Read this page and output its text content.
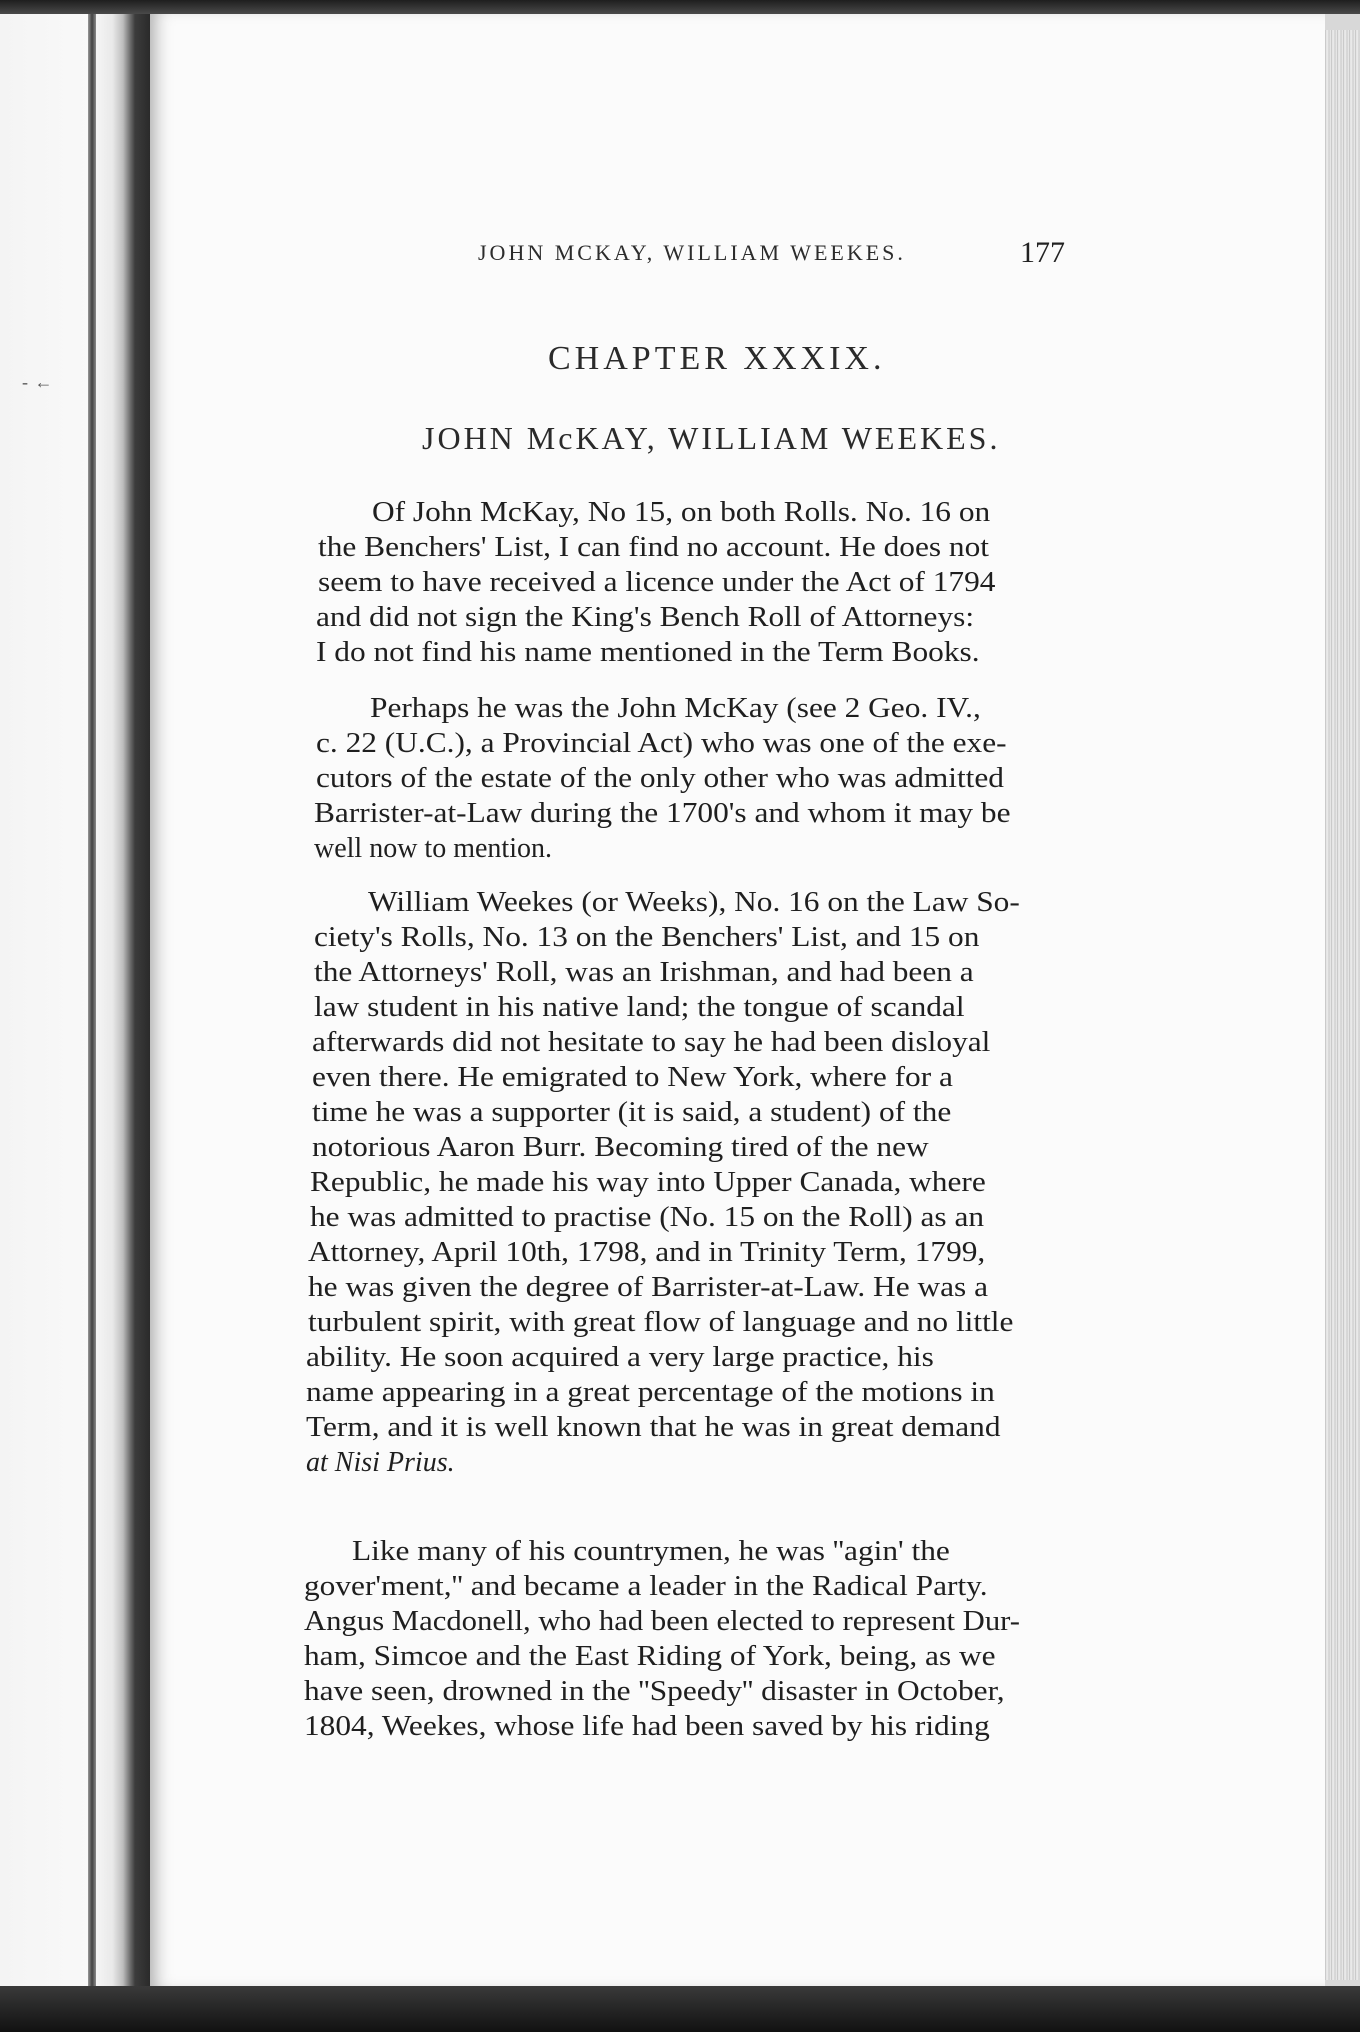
- ←
JOHN MCKAY, WILLIAM WEEKES.	177
CHAPTER XXXIX.
JOHN McKAY, WILLIAM WEEKES.
Of John McKay, No 15, on both Rolls. No. 16 on
the Benchers' List, I can find no account. He does not
seem to have received a licence under the Act of 1794
and did not sign the King's Bench Roll of Attorneys:
I do not find his name mentioned in the Term Books.
Perhaps he was the John McKay (see 2 Geo. IV.,
c. 22 (U.C.), a Provincial Act) who was one of the exe-
cutors of the estate of the only other who was admitted
Barrister-at-Law during the 1700's and whom it may be
well now to mention.
William Weekes (or Weeks), No. 16 on the Law So-
ciety's Rolls, No. 13 on the Benchers' List, and 15 on
the Attorneys' Roll, was an Irishman, and had been a
law student in his native land; the tongue of scandal
afterwards did not hesitate to say he had been disloyal
even there. He emigrated to New York, where for a
time he was a supporter (it is said, a student) of the
notorious Aaron Burr. Becoming tired of the new
Republic, he made his way into Upper Canada, where
he was admitted to practise (No. 15 on the Roll) as an
Attorney, April 10th, 1798, and in Trinity Term, 1799,
he was given the degree of Barrister-at-Law. He was a
turbulent spirit, with great flow of language and no little
ability. He soon acquired a very large practice, his
name appearing in a great percentage of the motions in
Term, and it is well known that he was in great demand
at Nisi Prius.
Like many of his countrymen, he was ''agin' the
gover'ment,'' and became a leader in the Radical Party.
Angus Macdonell, who had been elected to represent Dur-
ham, Simcoe and the East Riding of York, being, as we
have seen, drowned in the ''Speedy'' disaster in October,
1804, Weekes, whose life had been saved by his riding
